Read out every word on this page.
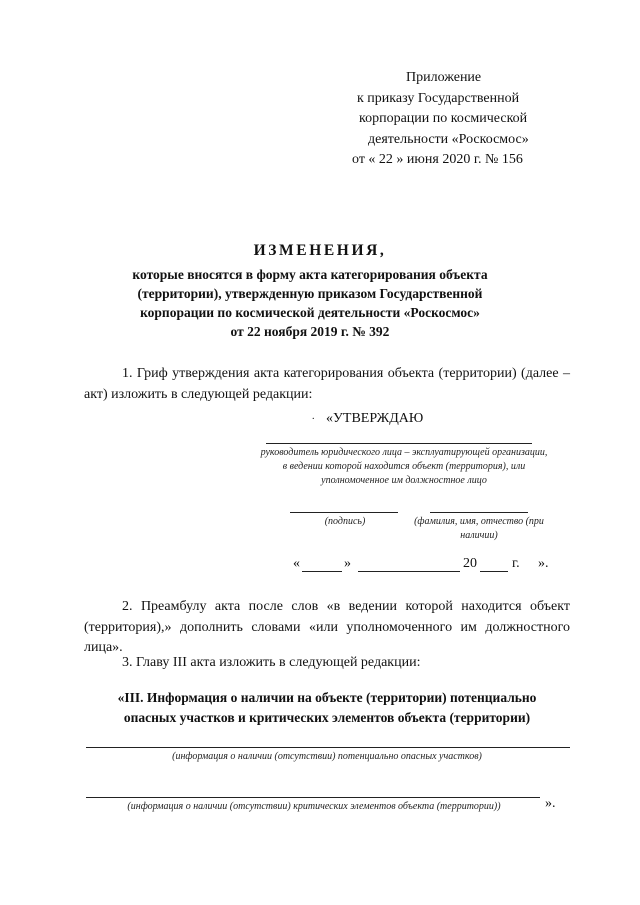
Приложение
к приказу Государственной
корпорации по космической
деятельности «Роскосмос»
от « 22 » июня 2020 г. № 156
ИЗМЕНЕНИЯ,
которые вносятся в форму акта категорирования объекта
(территории), утвержденную приказом Государственной
корпорации по космической деятельности «Роскосмос»
от 22 ноября 2019 г. № 392
1. Гриф утверждения акта категорирования объекта (территории) (далее – акт) изложить в следующей редакции:
. «УТВЕРЖДАЮ
руководитель юридического лица – эксплуатирующей организации, в ведении которой находится объект (территория), или уполномоченное им должностное лицо
(подпись)	(фамилия, имя, отчество (при наличии)
«	»	20	г. ».
2. Преамбулу акта после слов «в ведении которой находится объект (территория),» дополнить словами «или уполномоченного им должностного лица».
3. Главу III акта изложить в следующей редакции:
«III. Информация о наличии на объекте (территории) потенциально
опасных участков и критических элементов объекта (территории)
(информация о наличии (отсутствии) потенциально опасных участков)
(информация о наличии (отсутствии) критических элементов объекта (территории))	».
